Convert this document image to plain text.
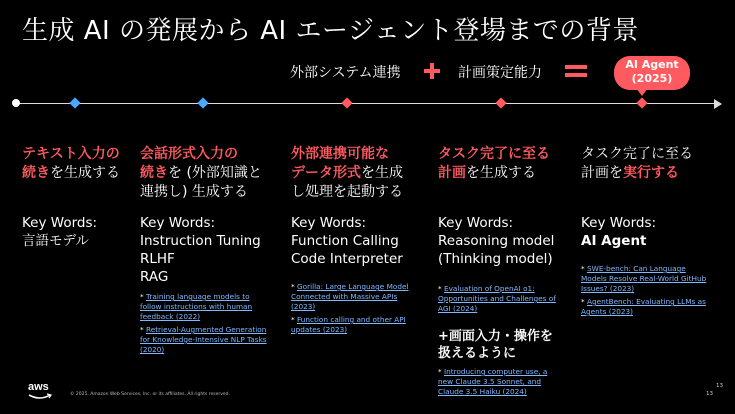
生成 AI の発展から AI エージェント登場までの背景
外部システム連携	計画策定能力
AI Agent
(2025)
テキスト入力の
続きを生成する
Key Words:
言語モデル
会話形式入力の
続きを (外部知識と
連携し) 生成する
Key Words:
Instruction Tuning
RLHF
RAG
* Training language models to follow instructions with human feedback (2022)
* Retrieval-Augmented Generation for Knowledge-Intensive NLP Tasks (2020)
外部連携可能な
データ形式を生成
し処理を起動する
Key Words:
Function Calling
Code Interpreter
* Gorilla: Large Language Model Connected with Massive APIs (2023)
* Function calling and other API updates (2023)
タスク完了に至る
計画を生成する
Key Words:
Reasoning model
(Thinking model)
* Evaluation of OpenAI o1: Opportunities and Challenges of AGI (2024)
+画面入力・操作を扱えるように
* Introducing computer use, a new Claude 3.5 Sonnet, and Claude 3.5 Haiku (2024)
タスク完了に至る
計画を実行する
Key Words:
AI Agent
* SWE-bench: Can Language Models Resolve Real-World GitHub Issues? (2023)
* AgentBench: Evaluating LLMs as Agents (2023)
aws
© 2025, Amazon Web Services, Inc. or its affiliates. All rights reserved.
13
13
